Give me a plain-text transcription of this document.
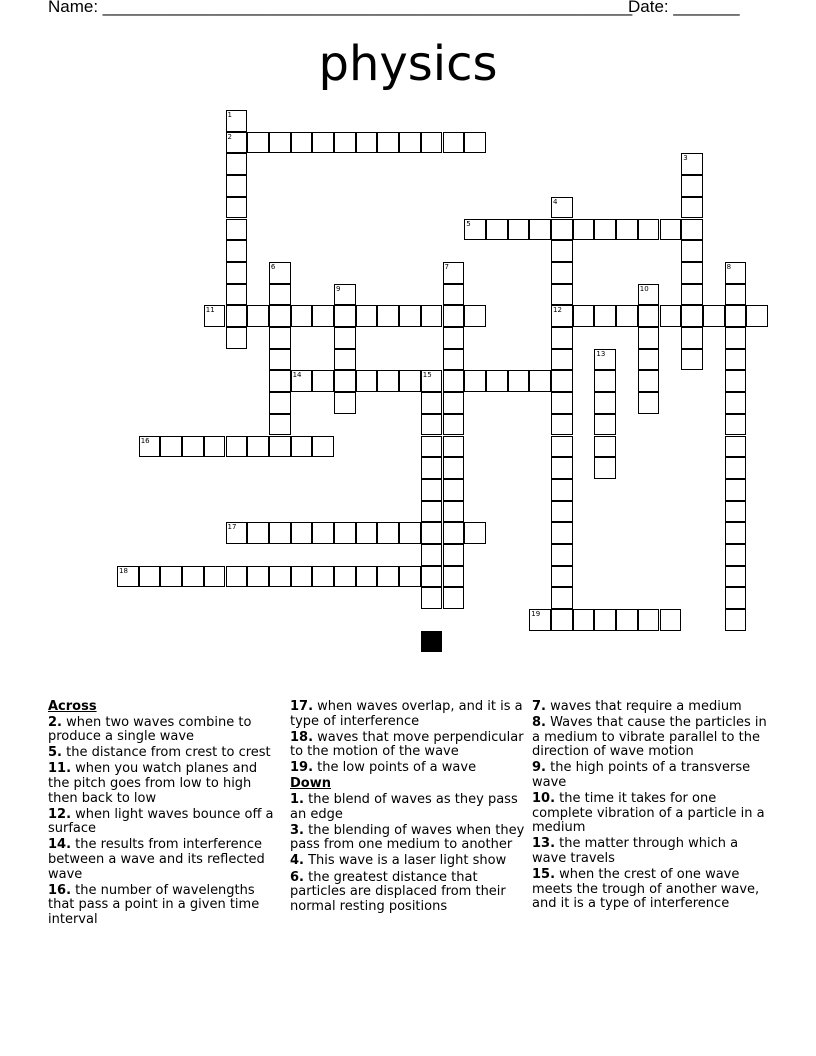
Name: ________________________________________________________
Date: _______
physics
2
1
3
4
12
5
6	7	8
9	10
11
13
14	15
16
17
18
19
Across
2. when two waves combine to produce a single wave
5. the distance from crest to crest
11. when you watch planes and the pitch goes from low to high then back to low
12. when light waves bounce off a surface
14. the results from interference between a wave and its reflected wave
16. the number of wavelengths that pass a point in a given time interval
17. when waves overlap, and it is a type of interference
18. waves that move perpendicular to the motion of the wave
19. the low points of a wave
Down
1. the blend of waves as they pass an edge
3. the blending of waves when they pass from one medium to another
4. This wave is a laser light show
6. the greatest distance that particles are displaced from their normal resting positions
7. waves that require a medium
8. Waves that cause the particles in a medium to vibrate parallel to the direction of wave motion
9. the high points of a transverse wave
10. the time it takes for one complete vibration of a particle in a medium
13. the matter through which a wave travels
15. when the crest of one wave meets the trough of another wave, and it is a type of interference
